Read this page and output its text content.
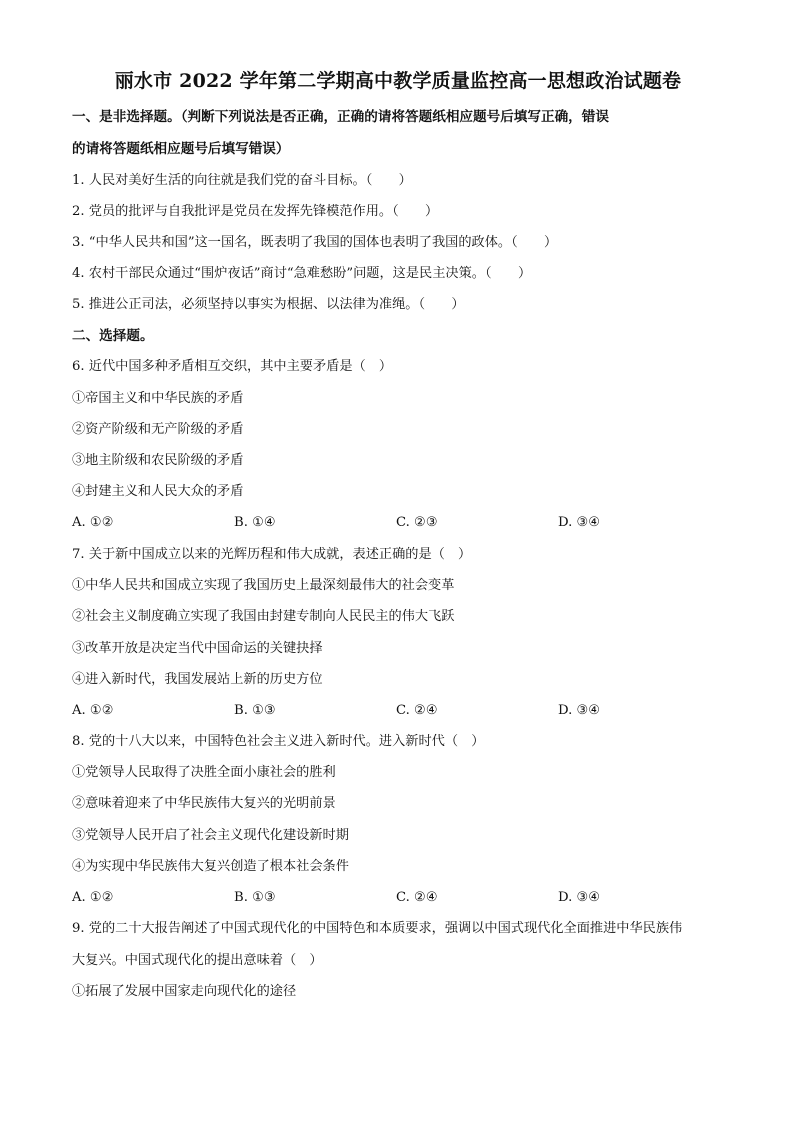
丽水市 2022 学年第二学期高中教学质量监控高一思想政治试题卷
一、是非选择题。（判断下列说法是否正确，正确的请将答题纸相应题号后填写正确，错误
的请将答题纸相应题号后填写错误）
1. 人民对美好生活的向往就是我们党的奋斗目标。（　　）
2. 党员的批评与自我批评是党员在发挥先锋模范作用。（　　）
3. “中华人民共和国”这一国名，既表明了我国的国体也表明了我国的政体。（　　）
4. 农村干部民众通过“围炉夜话”商讨“急难愁盼”问题，这是民主决策。（　　）
5. 推进公正司法，必须坚持以事实为根据、以法律为准绳。（　　）
二、选择题。
6. 近代中国多种矛盾相互交织，其中主要矛盾是（　）
①帝国主义和中华民族的矛盾
②资产阶级和无产阶级的矛盾
③地主阶级和农民阶级的矛盾
④封建主义和人民大众的矛盾
A. ①②	B. ①④	C. ②③	D. ③④
7. 关于新中国成立以来的光辉历程和伟大成就，表述正确的是（　）
①中华人民共和国成立实现了我国历史上最深刻最伟大的社会变革
②社会主义制度确立实现了我国由封建专制向人民民主的伟大飞跃
③改革开放是决定当代中国命运的关键抉择
④进入新时代，我国发展站上新的历史方位
A. ①②	B. ①③	C. ②④	D. ③④
8. 党的十八大以来，中国特色社会主义进入新时代。进入新时代（　）
①党领导人民取得了决胜全面小康社会的胜利
②意味着迎来了中华民族伟大复兴的光明前景
③党领导人民开启了社会主义现代化建设新时期
④为实现中华民族伟大复兴创造了根本社会条件
A. ①②	B. ①③	C. ②④	D. ③④
9. 党的二十大报告阐述了中国式现代化的中国特色和本质要求，强调以中国式现代化全面推进中华民族伟
大复兴。中国式现代化的提出意味着（　）
①拓展了发展中国家走向现代化的途径
